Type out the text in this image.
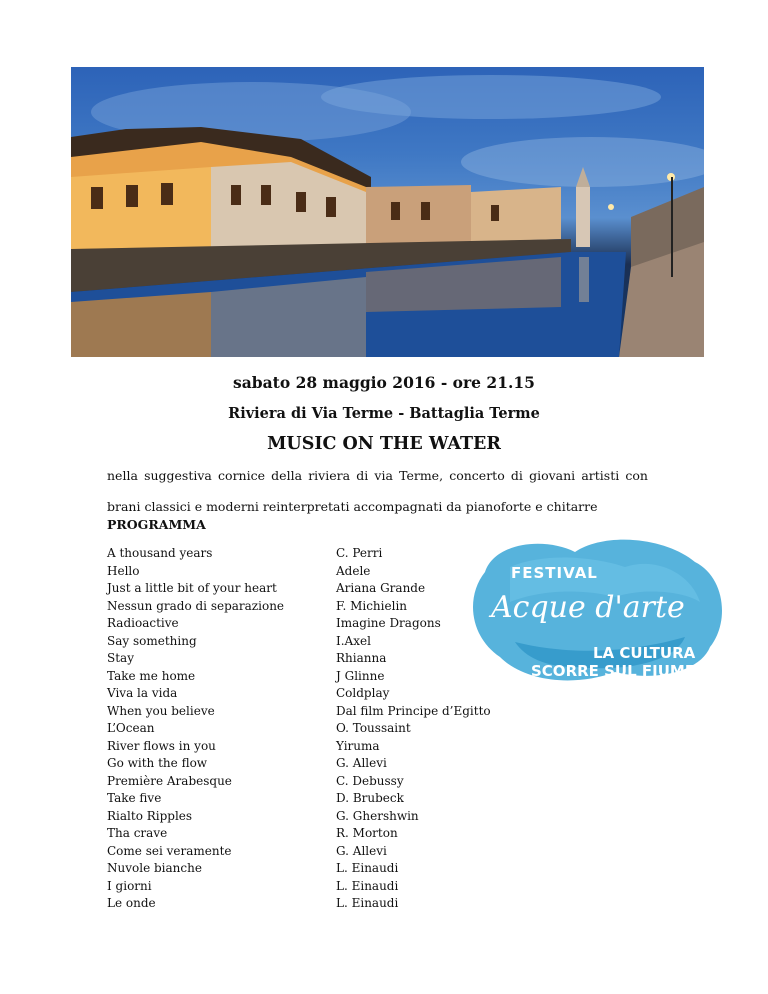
sabato 28 maggio 2016 - ore 21.15
Riviera di Via Terme - Battaglia Terme
MUSIC ON THE WATER
nella suggestiva cornice della riviera di via Terme, concerto di giovani artisti con
brani classici e moderni reinterpretati accompagnati da pianoforte e chitarre
PROGRAMMA
A thousand years
Hello
Just a little bit of your heart
Nessun grado di separazione
Radioactive
Say something
Stay
Take me home
Viva la vida
When you believe
L’Ocean
River flows in you
Go with the flow
Première Arabesque
Take five
Rialto Ripples
Tha crave
Come sei veramente
Nuvole bianche
I giorni
Le onde
C. Perri
Adele
Ariana Grande
F. Michielin
Imagine Dragons
I.Axel
Rhianna
J Glinne
Coldplay
Dal film Principe d’Egitto
O. Toussaint
Yiruma
G. Allevi
C. Debussy
D. Brubeck
G. Ghershwin
R. Morton
G. Allevi
L. Einaudi
L. Einaudi
L. Einaudi
FESTIVAL
Acque d'arte
LA CULTURA
SCORRE SUL FIUME
